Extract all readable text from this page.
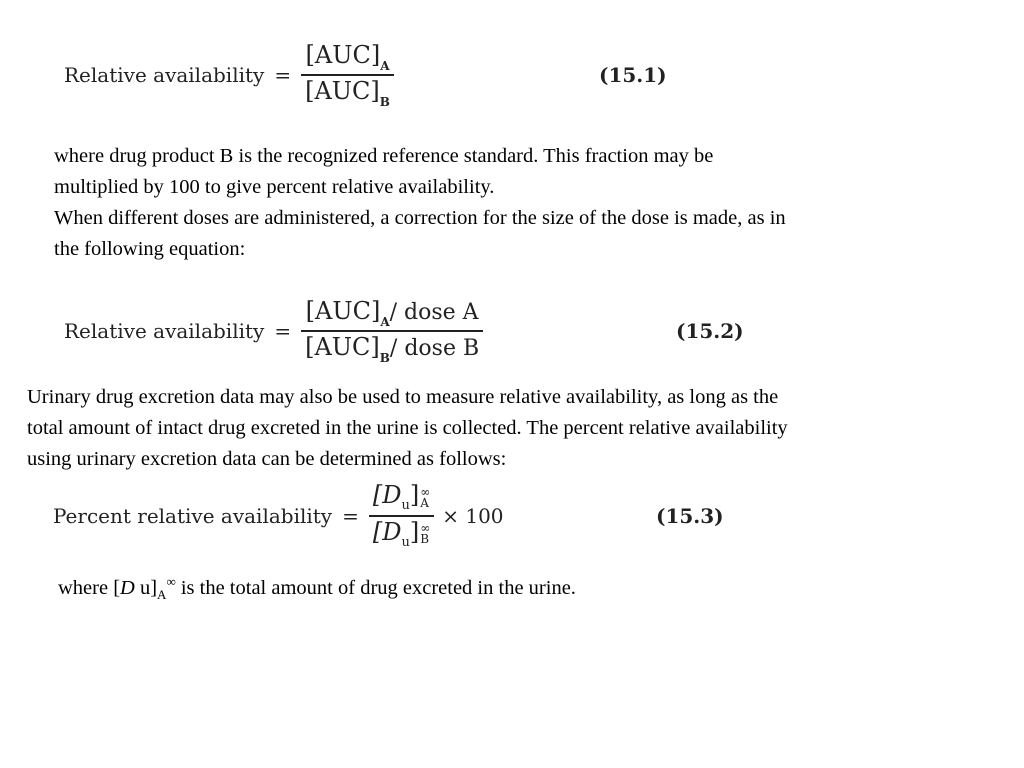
Relative availability = $\frac{[AUC]_A}{[AUC]_B}$	(15.1)
where drug product B is the recognized reference standard. This fraction may be
multiplied by 100 to give percent relative availability.
When different doses are administered, a correction for the size of the dose is made, as in
the following equation:
Relative availability = $\frac{[AUC]_A/ dose A}{[AUC]_B/ dose B}$	(15.2)
Urinary drug excretion data may also be used to measure relative availability, as long as the
total amount of intact drug excreted in the urine is collected. The percent relative availability
using urinary excretion data can be determined as follows:
Percent relative availability = $[D_u]$ ∞
A
$[D_u]$ ∞
B × 100	(15.3)
where [D $u]_A^\infty$ is the total amount of drug excreted in the urine.
